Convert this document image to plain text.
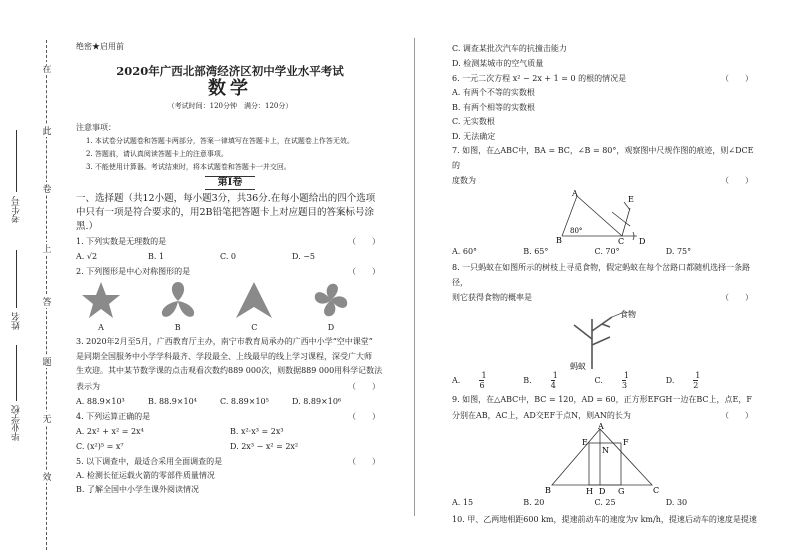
在
此
卷
上
答
题
无
效
考生号
姓名
毕业学校
绝密★启用前
2020年广西北部湾经济区初中学业水平考试
数学
（考试时间：120分钟　满分：120分）
注意事项：
1. 本试卷分试题卷和答题卡两部分，答案一律填写在答题卡上，在试题卷上作答无效。
2. 答题前，请认真阅读答题卡上的注意事项。
3. 不能使用计算器。考试结束时，将本试题卷和答题卡一并交回。
第Ⅰ卷
一、选择题（共12小题，每小题3分，共36分.在每小题给出的四个选项中只有一项是符合要求的，用2B铅笔把答题卡上对应题目的答案标号涂黑.）
1. 下列实数是无理数的是	（　　）
A. √2	B. 1	C. 0	D. −5
2. 下列图形是中心对称图形的是	（　　）
A	B	C	D
3. 2020年2月至5月，广西教育厅主办，南宁市教育局承办的广西中小学“空中课堂”
是同期全国服务中小学学科最齐、学段最全、上线最早的线上学习课程，深受广大师
生欢迎。其中某节数学课的点击观看次数约889 000次，则数据889 000用科学记数法
表示为	（　　）
A. 88.9×10³	B. 88.9×10⁴	C. 8.89×10⁵	D. 8.89×10⁶
4. 下列运算正确的是	（　　）
A. 2x² + x² = 2x⁴	B. x²·x³ = 2x³
C. (x²)⁵ = x⁷	D. 2x³ − x² = 2x²
5. 以下调查中，最适合采用全面调查的是	（　　）
A. 检测长征运载火箭的零部件质量情况
B. 了解全国中小学生课外阅读情况
C. 调查某批次汽车的抗撞击能力
D. 检测某城市的空气质量
6. 一元二次方程 x² − 2x + 1 = 0 的根的情况是	（　　）
A. 有两个不等的实数根
B. 有两个相等的实数根
C. 无实数根
D. 无法确定
7. 如图，在△ABC中，BA = BC，∠B = 80°，观察图中尺规作图的痕迹，则∠DCE的
度数为	（　　）
A
B	C D
E
80°
A. 60°	B. 65°	C. 70°	D. 75°
8. 一只蚂蚁在如图所示的树枝上寻觅食物，假定蚂蚁在每个岔路口都随机选择一条路径，
则它获得食物的概率是	（　　）
食物
蚂蚁
A.	$\frac{1}{6}$	B.	$\frac{1}{4}$	C.	$\frac{1}{3}$	D.	$\frac{1}{2}$
9. 如图，在△ABC中，BC = 120，AD = 60，正方形EFGH一边在BC上，点E，F
分别在AB，AC上，AD交EF于点N，则AN的长为	（　　）
A
B	C
D
E	F
G
H
N
A. 15	B. 20	C. 25	D. 30
10. 甲、乙两地相距600 km，提速前动车的速度为v km/h，提速后动车的速度是提速
